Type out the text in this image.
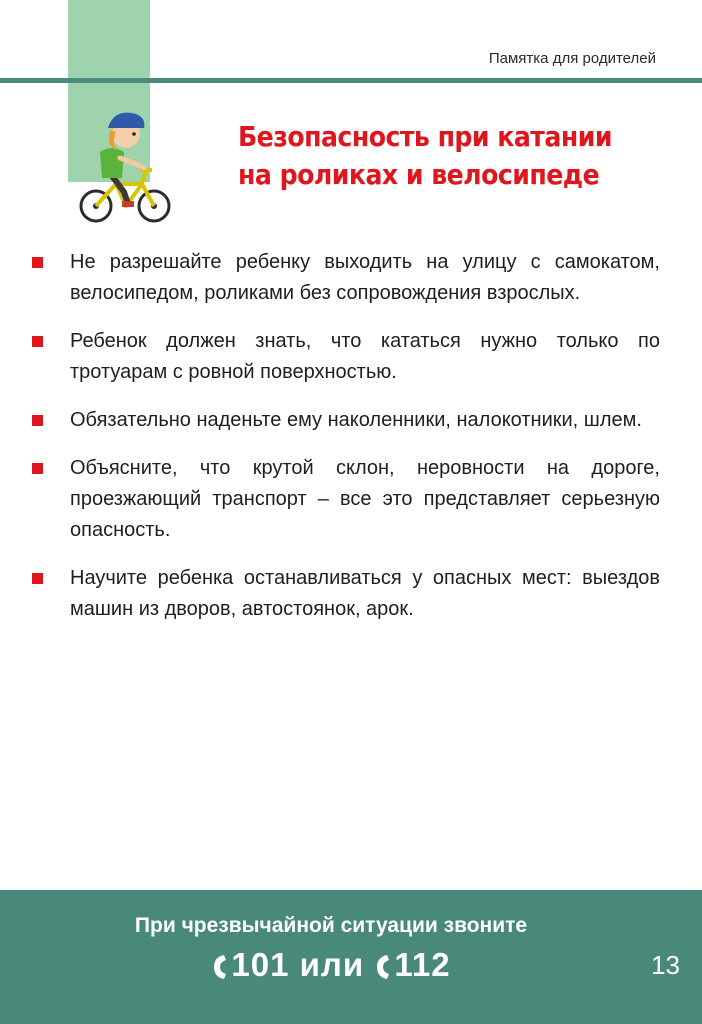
Памятка для родителей
Безопасность при катании
на роликах и велосипеде
Не разрешайте ребенку выходить на улицу с самокатом, велосипедом, роликами без сопровождения взрослых.
Ребенок должен знать, что кататься нужно только по тротуарам с ровной поверхностью.
Обязательно наденьте ему наколенники, налокотники, шлем.
Объясните, что крутой склон, неровности на дороге, проезжающий транспорт – все это представляет серьезную опасность.
Научите ребенка останавливаться у опасных мест: выездов машин из дворов, автостоянок, арок.
При чрезвычайной ситуации звоните
101 или 112	13
